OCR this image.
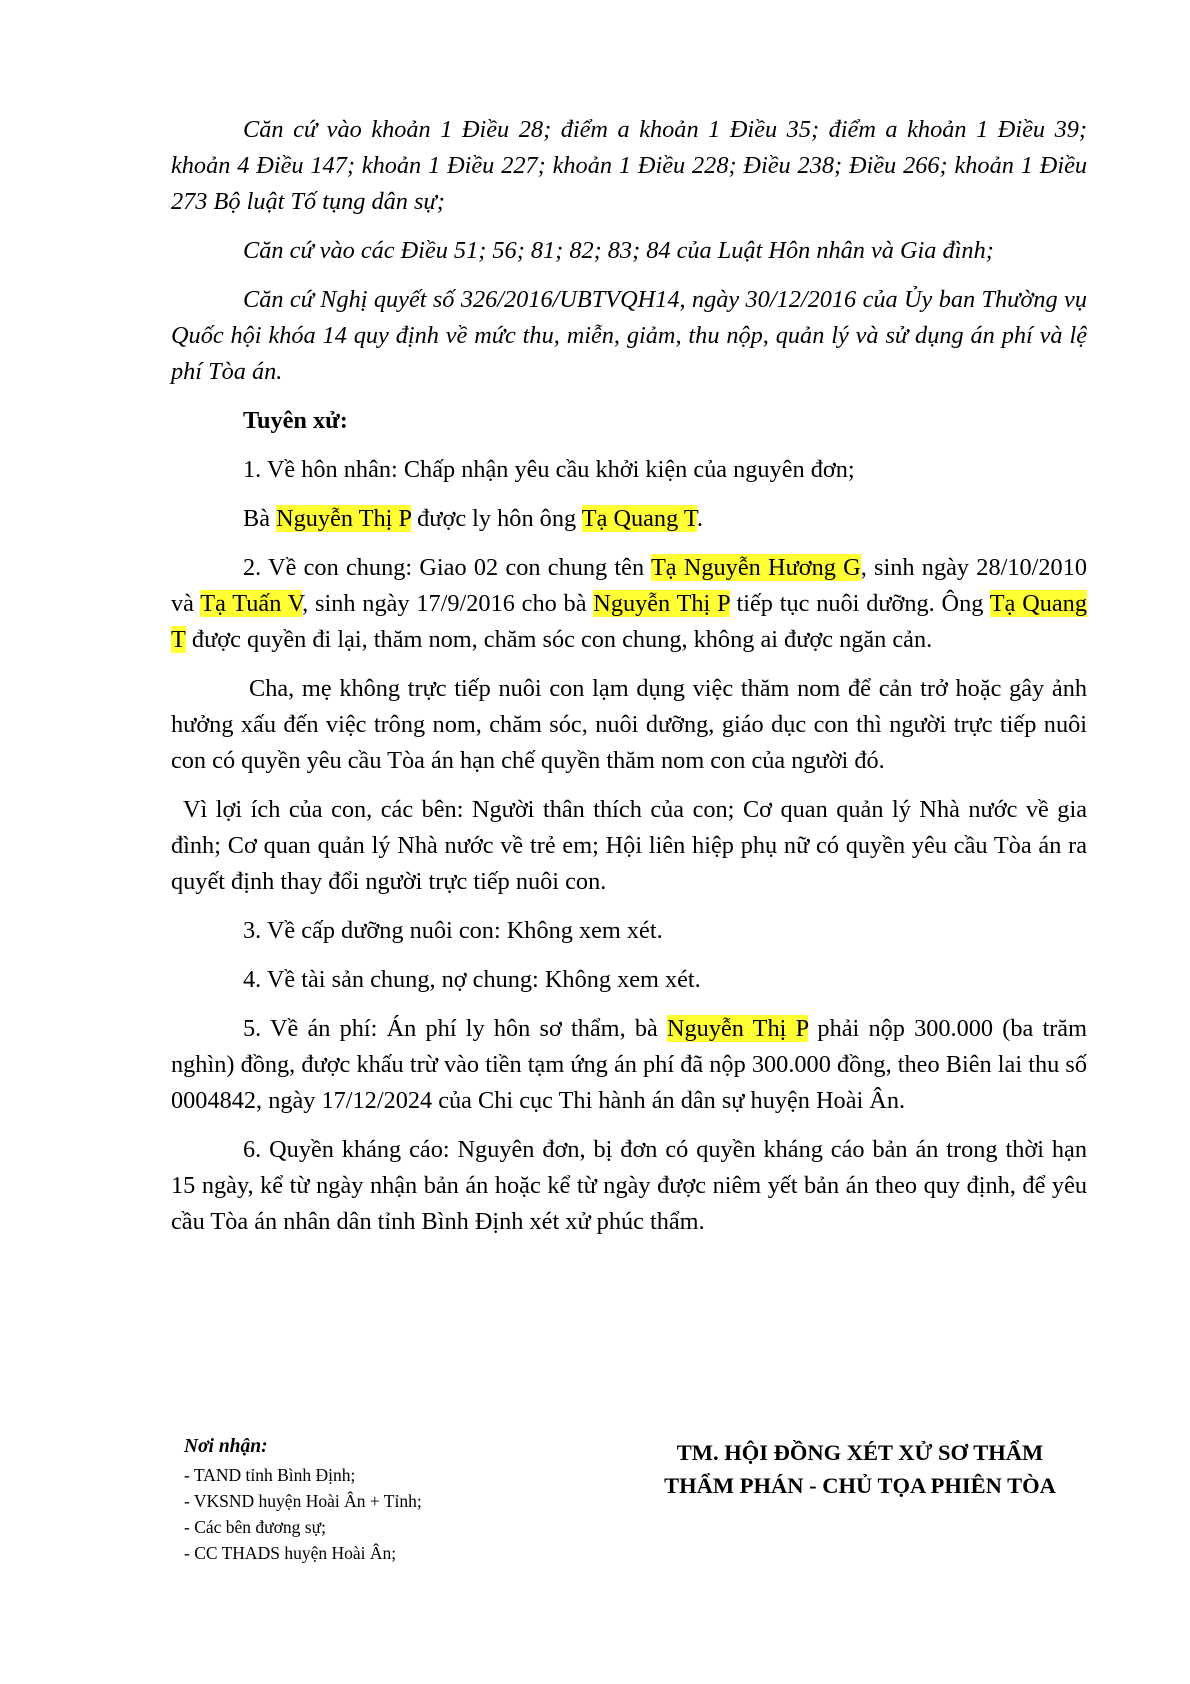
Căn cứ vào khoản 1 Điều 28; điểm a khoản 1 Điều 35; điểm a khoản 1 Điều 39; khoản 4 Điều 147; khoản 1 Điều 227; khoản 1 Điều 228; Điều 238; Điều 266; khoản 1 Điều 273 Bộ luật Tố tụng dân sự;

Căn cứ vào các Điều 51; 56; 81; 82; 83; 84 của Luật Hôn nhân và Gia đình;

Căn cứ Nghị quyết số 326/2016/UBTVQH14, ngày 30/12/2016 của Ủy ban Thường vụ Quốc hội khóa 14 quy định về mức thu, miễn, giảm, thu nộp, quản lý và sử dụng án phí và lệ phí Tòa án.

Tuyên xử:

1. Về hôn nhân: Chấp nhận yêu cầu khởi kiện của nguyên đơn;

Bà Nguyễn Thị P được ly hôn ông Tạ Quang T.

2. Về con chung: Giao 02 con chung tên Tạ Nguyễn Hương G, sinh ngày 28/10/2010 và Tạ Tuấn V, sinh ngày 17/9/2016 cho bà Nguyễn Thị P tiếp tục nuôi dưỡng. Ông Tạ Quang T được quyền đi lại, thăm nom, chăm sóc con chung, không ai được ngăn cản.

Cha, mẹ không trực tiếp nuôi con lạm dụng việc thăm nom để cản trở hoặc gây ảnh hưởng xấu đến việc trông nom, chăm sóc, nuôi dưỡng, giáo dục con thì người trực tiếp nuôi con có quyền yêu cầu Tòa án hạn chế quyền thăm nom con của người đó.

Vì lợi ích của con, các bên: Người thân thích của con; Cơ quan quản lý Nhà nước về gia đình; Cơ quan quản lý Nhà nước về trẻ em; Hội liên hiệp phụ nữ có quyền yêu cầu Tòa án ra quyết định thay đổi người trực tiếp nuôi con.

3. Về cấp dưỡng nuôi con: Không xem xét.

4. Về tài sản chung, nợ chung: Không xem xét.

5. Về án phí: Án phí ly hôn sơ thẩm, bà Nguyễn Thị P phải nộp 300.000 (ba trăm nghìn) đồng, được khấu trừ vào tiền tạm ứng án phí đã nộp 300.000 đồng, theo Biên lai thu số 0004842, ngày 17/12/2024 của Chi cục Thi hành án dân sự huyện Hoài Ân.

6. Quyền kháng cáo: Nguyên đơn, bị đơn có quyền kháng cáo bản án trong thời hạn 15 ngày, kể từ ngày nhận bản án hoặc kể từ ngày được niêm yết bản án theo quy định, để yêu cầu Tòa án nhân dân tỉnh Bình Định xét xử phúc thẩm.

Nơi nhận:
- TAND tỉnh Bình Định;
- VKSND huyện Hoài Ân + Tỉnh;
- Các bên đương sự;
- CC THADS huyện Hoài Ân;
TM. HỘI ĐỒNG XÉT XỬ SƠ THẨM
THẨM PHÁN - CHỦ TỌA PHIÊN TÒA
